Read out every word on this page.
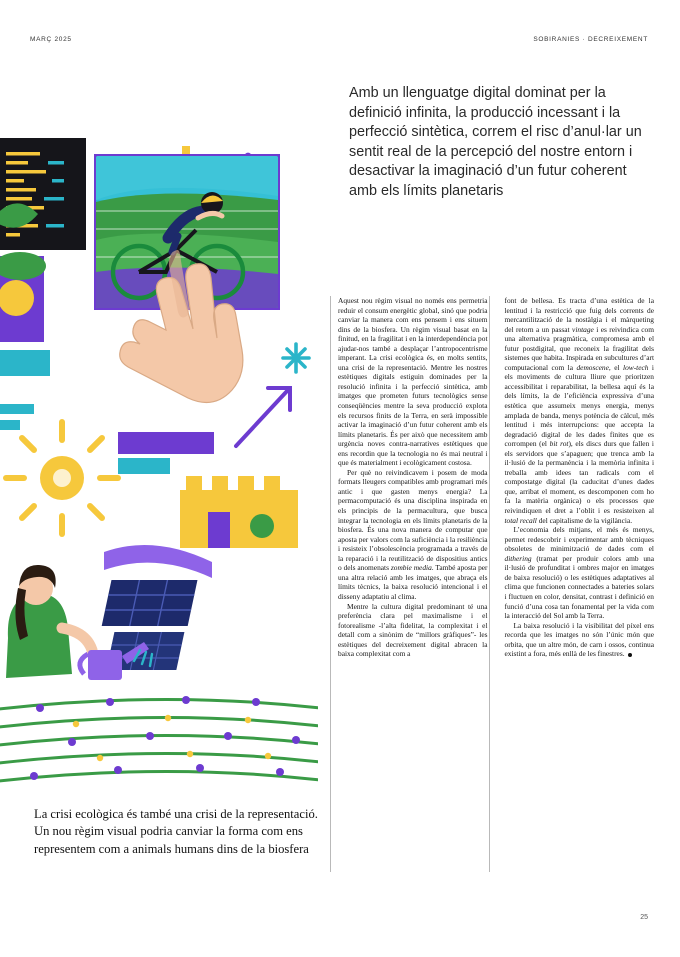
MARÇ 2025	SOBIRANIES · DECREIXEMENT
Amb un llenguatge digital dominat per la definició infinita, la producció incessant i la perfecció sintètica, correm el risc d’anul·lar un sentit real de la percepció del nostre entorn i desactivar la imaginació d’un futur coherent amb els límits planetaris

Aquest nou règim visual no només ens permetria reduir el consum energètic global, sinó que podria canviar la manera com ens pensem i ens situem dins de la biosfera. Un règim visual basat en la finitud, en la fragilitat i en la interdependència pot ajudar-nos també a desplaçar l’antropocentrisme imperant. La crisi ecològica és, en molts sentits, una crisi de la representació. Mentre les nostres estètiques digitals estiguin dominades per la resolució infinita i la perfecció sintètica, amb imatges que prometen futurs tecnològics sense conseqüències mentre la seva producció explota els recursos finits de la Terra, en serà impossible activar la imaginació d’un futur coherent amb els límits planetaris. És per això que necessitem amb urgència noves contra-narratives estètiques que ens recordin que la tecnologia no és mai neutral i que és materialment i ecològicament costosa.

Per què no reivindicavem i posem de moda formats lleugers compatibles amb programari més antic i que gasten menys energia? La permacomputació és una disciplina inspirada en els principis de la permacultura, que busca integrar la tecnologia en els límits planetaris de la biosfera. És una nova manera de computar que aposta per valors com la suficiència i la resiliència i resisteix l’obsolescència programada a través de la reparació i la reutilització de dispositius antics o dels anomenats zombie media. També aposta per una altra relació amb les imatges, que abraça els límits tècnics, la baixa resolució intencional i el disseny adaptatiu al clima.

Mentre la cultura digital predominant té una preferència clara pel maximalisme i el fotorealisme -l’alta fidelitat, la complexitat i el detall com a sinònim de “millors gràfiques”- les estètiques del decreixement digital abracen la baixa complexitat com a

font de bellesa. Es tracta d’una estètica de la lentitud i la restricció que fuig dels corrents de mercantilització de la nostàlgia i el màrqueting del retorn a un passat vintage i es reivindica com una alternativa pragmàtica, compromesa amb el futur postdigital, que reconeix la fragilitat dels sistemes que habita. Inspirada en subcultures d’art computacional com la demoscene, el low-tech i els moviments de cultura lliure que prioritzen accessibilitat i reparabilitat, la bellesa aquí és la dels límits, la de l’eficiència expressiva d’una estètica que assumeix menys energia, menys amplada de banda, menys potència de càlcul, més lentitud i més interrupcions: que accepta la degradació digital de les dades finites que es corrompen (el bit rot), els discs durs que fallen i els servidors que s’apaguen; que trenca amb la il·lusió de la permanència i la memòria infinita i treballa amb idees tan radicals com el compostatge digital (la caducitat d’unes dades que, arribat el moment, es descomponen com ho fa la matèria orgànica) o els processos que reivindiquen el dret a l’oblit i es resisteixen al total recall del capitalisme de la vigilància.

L’economia dels mitjans, el més és menys, permet redescobrir i experimentar amb tècniques obsoletes de minimització de dades com el dithering (tramat per produir colors amb una il·lusió de profunditat i ombres major en imatges de baixa resolució) o les estètiques adaptatives al clima que funcionen connectades a bateries solars i fluctuen en color, densitat, contrast i definició en funció d’una cosa tan fonamental per la vida com la interacció del Sol amb la Terra.

La baixa resolució i la visibilitat del píxel ens recorda que les imatges no són l’únic món que orbita, que un altre món, de carn i ossos, continua existint a fora, més enllà de les finestres.

La crisi ecològica és també una crisi de la representació. Un nou règim visual podria canviar la forma com ens representem com a animals humans dins de la biosfera
25
